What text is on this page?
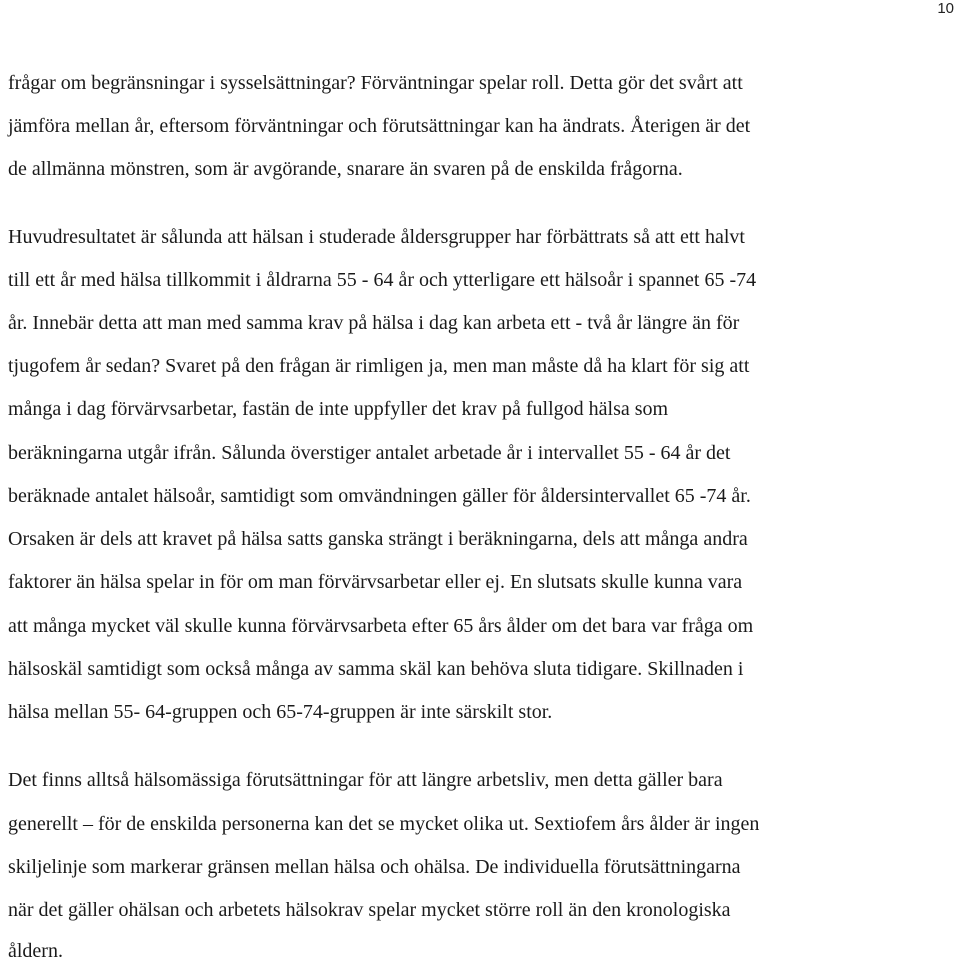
10
frågar om begränsningar i sysselsättningar? Förväntningar spelar roll. Detta gör det svårt att
jämföra mellan år, eftersom förväntningar och förutsättningar kan ha ändrats. Återigen är det
de allmänna mönstren, som är avgörande, snarare än svaren på de enskilda frågorna.
Huvudresultatet är sålunda att hälsan i studerade åldersgrupper har förbättrats så att ett halvt
till ett år med hälsa tillkommit i åldrarna 55 - 64 år och ytterligare ett hälsoår i spannet 65 -74
år. Innebär detta att man med samma krav på hälsa i dag kan arbeta ett - två år längre än för
tjugofem år sedan? Svaret på den frågan är rimligen ja, men man måste då ha klart för sig att
många i dag förvärvsarbetar, fastän de inte uppfyller det krav på fullgod hälsa som
beräkningarna utgår ifrån. Sålunda överstiger antalet arbetade år i intervallet 55 - 64 år det
beräknade antalet hälsoår, samtidigt som omvändningen gäller för åldersintervallet 65 -74 år.
Orsaken är dels att kravet på hälsa satts ganska strängt i beräkningarna, dels att många andra
faktorer än hälsa spelar in för om man förvärvsarbetar eller ej. En slutsats skulle kunna vara
att många mycket väl skulle kunna förvärvsarbeta efter 65 års ålder om det bara var fråga om
hälsoskäl samtidigt som också många av samma skäl kan behöva sluta tidigare. Skillnaden i
hälsa mellan 55- 64-gruppen och 65-74-gruppen är inte särskilt stor.
Det finns alltså hälsomässiga förutsättningar för att längre arbetsliv, men detta gäller bara
generellt – för de enskilda personerna kan det se mycket olika ut. Sextiofem års ålder är ingen
skiljelinje som markerar gränsen mellan hälsa och ohälsa. De individuella förutsättningarna
när det gäller ohälsan och arbetets hälsokrav spelar mycket större roll än den kronologiska
åldern.
